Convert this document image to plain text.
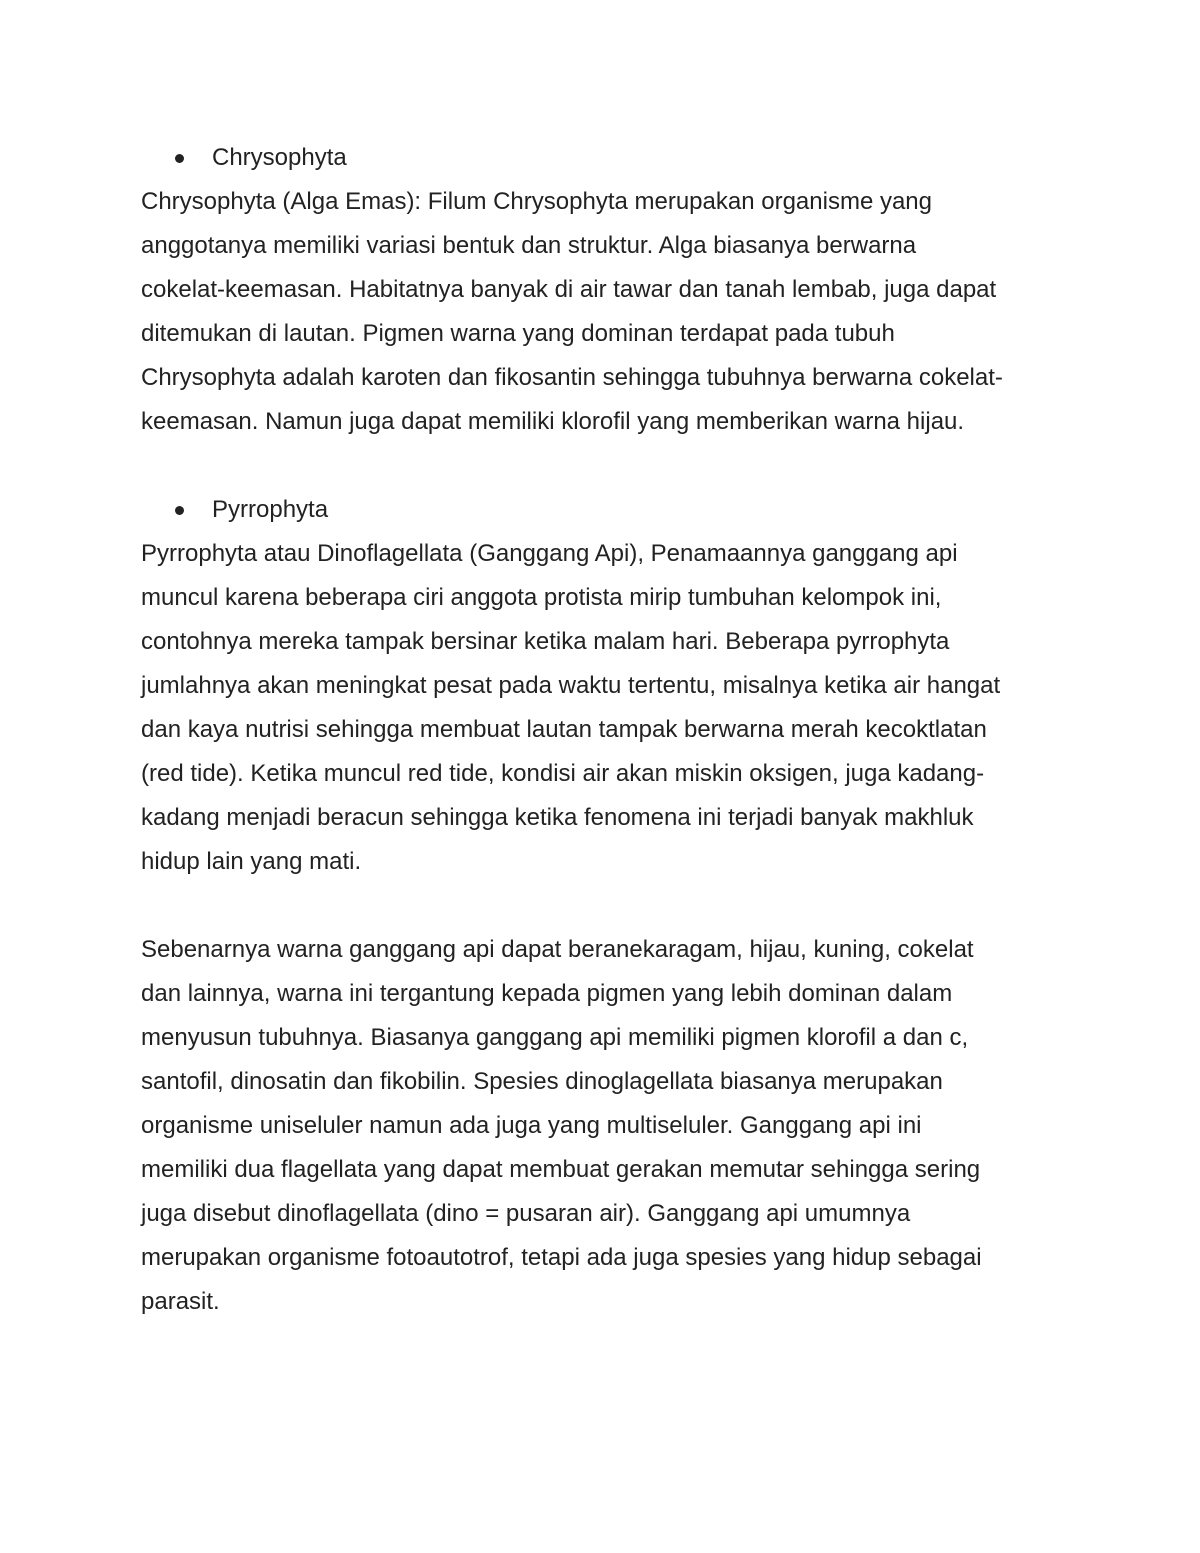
Chrysophyta

Chrysophyta (Alga Emas): Filum Chrysophyta merupakan organisme yang
anggotanya memiliki variasi bentuk dan struktur. Alga biasanya berwarna
cokelat-keemasan. Habitatnya banyak di air tawar dan tanah lembab, juga dapat
ditemukan di lautan. Pigmen warna yang dominan terdapat pada tubuh
Chrysophyta adalah karoten dan fikosantin sehingga tubuhnya berwarna cokelat-
keemasan. Namun juga dapat memiliki klorofil yang memberikan warna hijau.

Pyrrophyta

Pyrrophyta atau Dinoflagellata (Ganggang Api), Penamaannya ganggang api
muncul karena beberapa ciri anggota protista mirip tumbuhan kelompok ini,
contohnya mereka tampak bersinar ketika malam hari. Beberapa pyrrophyta
jumlahnya akan meningkat pesat pada waktu tertentu, misalnya ketika air hangat
dan kaya nutrisi sehingga membuat lautan tampak berwarna merah kecoktlatan
(red tide). Ketika muncul red tide, kondisi air akan miskin oksigen, juga kadang-
kadang menjadi beracun sehingga ketika fenomena ini terjadi banyak makhluk
hidup lain yang mati.

Sebenarnya warna ganggang api dapat beranekaragam, hijau, kuning, cokelat
dan lainnya, warna ini tergantung kepada pigmen yang lebih dominan dalam
menyusun tubuhnya. Biasanya ganggang api memiliki pigmen klorofil a dan c,
santofil, dinosatin dan fikobilin. Spesies dinoglagellata biasanya merupakan
organisme uniseluler namun ada juga yang multiseluler. Ganggang api ini
memiliki dua flagellata yang dapat membuat gerakan memutar sehingga sering
juga disebut dinoflagellata (dino = pusaran air). Ganggang api umumnya
merupakan organisme fotoautotrof, tetapi ada juga spesies yang hidup sebagai
parasit.
